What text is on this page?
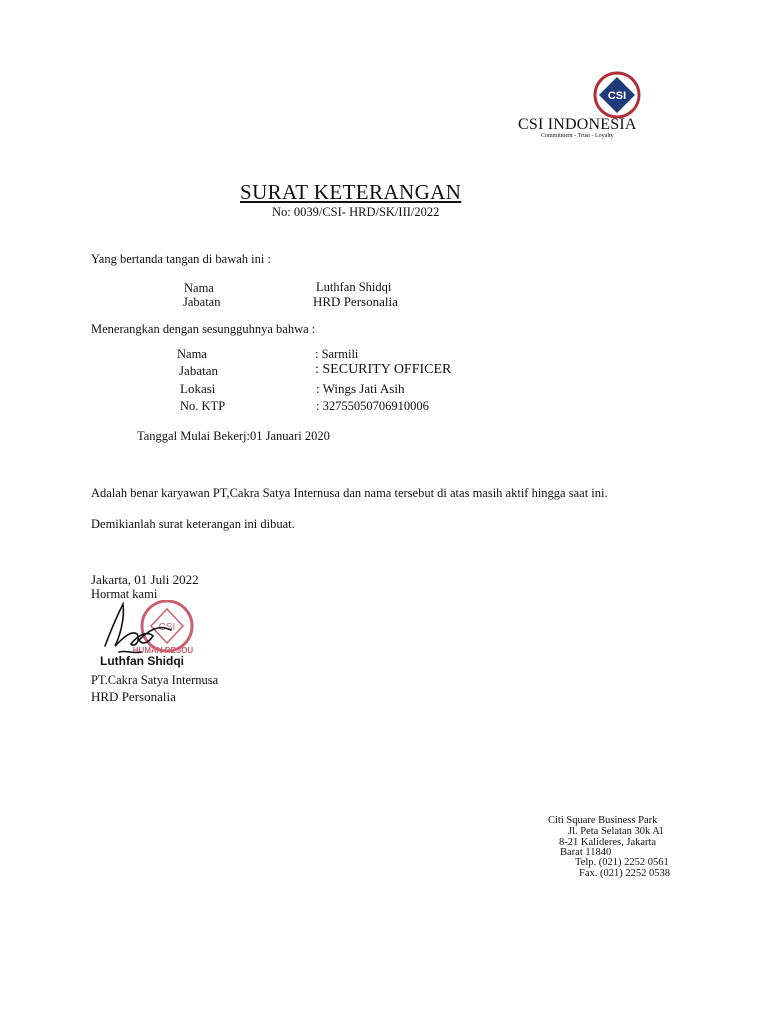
CSI
CSI INDONESIA
Commitment - Trust - Loyalty
SURAT KETERANGAN
No: 0039/CSI- HRD/SK/III/2022
Yang bertanda tangan di bawah ini :
Nama	Luthfan Shidqi
Jabatan	HRD Personalia
Menerangkan dengan sesungguhnya bahwa :
Nama	: Sarmili
Jabatan	: SECURITY OFFICER
Lokasi	: Wings Jati Asih
No. KTP	: 32755050706910006
Tanggal Mulai Bekerj:01 Januari 2020
Adalah benar karyawan PT,Cakra Satya Internusa dan nama tersebut di atas masih aktif hingga saat ini.
Demikianlah surat keterangan ini dibuat.
Jakarta, 01 Juli 2022
Hormat kami
CSI
HUMAN RESOU
Luthfan Shidqi
PT.Cakra Satya Internusa
HRD Personalia
Citi Square Business Park
Jl. Peta Selatan 30k Al
8-21 Kalideres, Jakarta
Barat 11840
Telp. (021) 2252 0561
Fax. (021) 2252 0538
